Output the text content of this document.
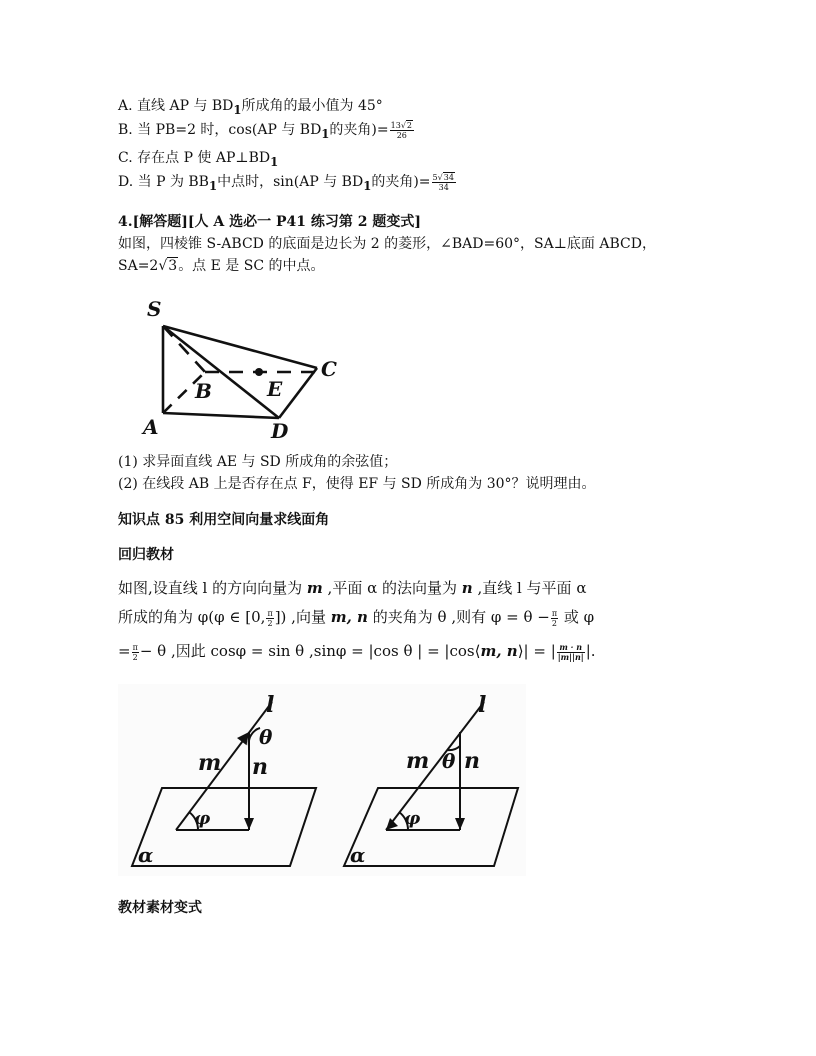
A. 直线 AP 与 $BD_1$所成角的最小值为 45°
B. 当 PB=2 时，cos(AP 与 $BD_1$的夹角)= $\frac{13√2}{26}$
C. 存在点 P 使 $AP\perp BD_1$
D. 当 P 为 $BB_1$中点时，sin(AP 与 $BD_1$的夹角)= $\frac{5√34}{34}$
4.[解答题][人 A 选必一 P41 练习第 2 题变式]
如图，四棱锥 S-ABCD 的底面是边长为 2 的菱形，∠BAD=60°，SA⊥底面 ABCD，
SA=2√3。点 E 是 SC 的中点。
S
A
B
C
D
E
(1) 求异面直线 AE 与 SD 所成角的余弦值；
(2) 在线段 AB 上是否存在点 F，使得 EF 与 SD 所成角为 30°？说明理由。
知识点 85 利用空间向量求线面角
回归教材
如图,设直线 l 的方向向量为 m ,平面 α 的法向量为 n ,直线 l 与平面 α
所成的角为 φ(φ ∈ [0, $\frac{\pi}{2}$ ]) ,向量 m, n 的夹角为 θ ,则有 $\varphi = \theta - \frac{\pi}{2}$ 或 φ
= $\frac{\pi}{2} - \theta$ ,因此 cosφ = sin θ ,sinφ = |cos θ | = |cos⟨m, n⟩| = | $\frac{m \cdot n}{|m||n|}$ |.
l
θ
m n
φ
α
l
θ
m n
φ
α
教材素材变式
